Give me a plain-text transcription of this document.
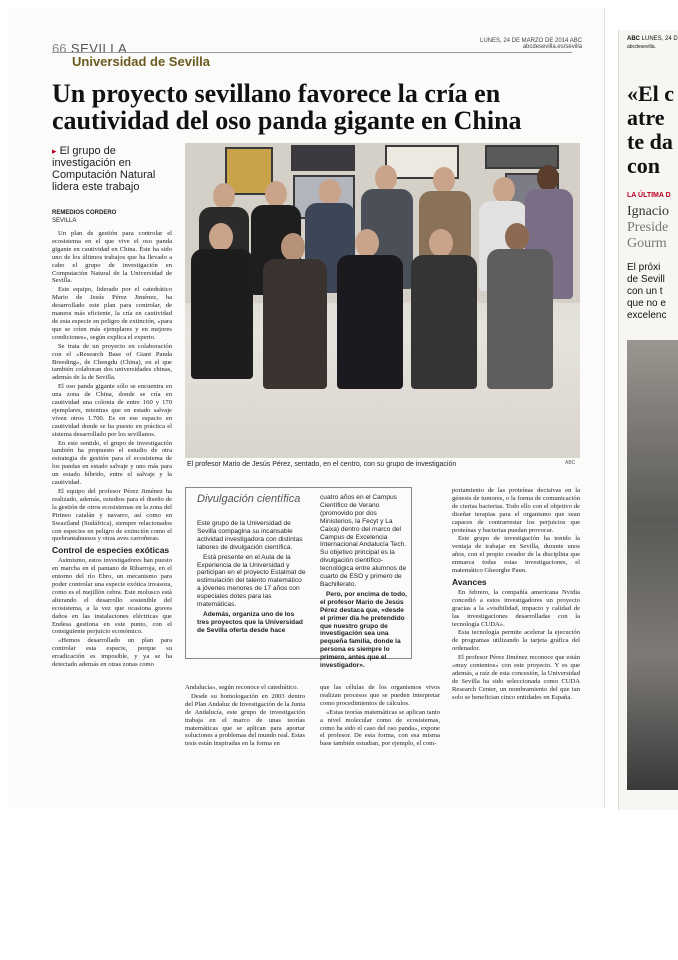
66 SEVILLA
Universidad de Sevilla
LUNES, 24 DE MARZO DE 2014 ABC
abcdesevilla.es/sevilla
Un proyecto sevillano favorece la cría en cautividad del oso panda gigante en China
▸ El grupo de investigación en Computación Natural lidera este trabajo
REMEDIOS CORDERO
SEVILLA
El profesor Mario de Jesús Pérez, sentado, en el centro, con su grupo de investigación	ABC

Un plan de gestión para controlar el ecosistema en el que vive el oso panda gigante en cautividad en China. Éste ha sido uno de los últimos trabajos que ha llevado a cabo el grupo de investigación en Computación Natural de la Universidad de Sevilla.

Este equipo, liderado por el catedrático Mario de Jesús Pérez Jiménez, ha desarrollado este plan para controlar, de manera más eficiente, la cría en cautividad de esta especie en peligro de extinción, «para que se críen más ejemplares y en mejores condiciones», según explica el experto.

Se trata de un proyecto en colaboración con el «Research Base of Giant Panda Breeding», de Chengdu (China), en el que también colaboran dos universidades chinas, además de la de Sevilla.

El oso panda gigante sólo se encuentra en una zona de China, donde se cría en cautividad una colonia de entre 160 y 170 ejemplares, mientras que en estado salvaje viven otros 1.700. Es en ese espacio en cautividad donde se ha puesto en práctica el sistema desarrollado por los sevillanos.

En este sentido, el grupo de investigación también ha propuesto el estudio de otra estrategia de gestión para el ecosistema de los pandas en estado salvaje y uno más para un estado híbrido, entre el salvaje y la cautividad.

El equipo del profesor Pérez Jiménez ha realizado, además, estudios para el diseño de la gestión de otros ecosistemas en la zona del Pirineo catalán y navarro, así como en Swaziland (Sudáfrica), siempre relacionados con especies en peligro de extinción como el quebrantahuesos y otras aves carroñeras.

Control de especies exóticas

Asimismo, estos investigadores han puesto en marcha en el pantano de Ribarroja, en el entorno del río Ebro, un mecanismo para poder controlar una especie exótica invasora, como es el mejillón cebra. Este molusco está alterando el desarrollo sostenible del ecosistema, a la vez que ocasiona graves daños en las instalaciones eléctricas que Endesa gestiona en este punto, con el consiguiente perjuicio económico.

«Hemos desarrollado un plan para controlar esta especie, porque su erradicación es imposible, y ya se ha detectado además en otras zonas como

Divulgación científica

Este grupo de la Universidad de Sevilla compagina su incansable actividad investigadora con distintas labores de divulgación científica.

Está presente en el Aula de la Experiencia de la Universidad y participan en el proyecto Estalmat de estimulación del talento matemático a jóvenes menores de 17 años con especiales dotes para las matemáticas.

Además, organiza uno de los tres proyectos que la Universidad de Sevilla oferta desde hace

cuatro años en el Campus Científico de Verano (promovido por dos Ministerios, la Fecyt y La Caixa) dentro del marco del Campus de Excelencia Internacional Andalucía Tech. Su objetivo principal es la divulgación científico-tecnológica entre alumnos de cuarto de ESO y primero de Bachillerato.

Pero, por encima de todo, el profesor Mario de Jesús Pérez destaca que, «desde el primer día he pretendido que nuestro grupo de investigación sea una pequeña familia, donde la persona es siempre lo primero, antes que el investigador».

Andalucía», según reconoce el catedrático.

Desde su homologación en 2003 dentro del Plan Andaluz de Investigación de la Junta de Andalucía, este grupo de investigación trabaja en el marco de unas teorías matemáticas que se aplican para aportar soluciones a problemas del mundo real. Estas tesis están inspiradas en la forma en

que las células de los organismos vivos realizan procesos que se pueden interpretar como procedimientos de cálculos.

«Estas teorías matemáticas se aplican tanto a nivel molecular como de ecosistemas, como ha sido el caso del oso panda», expone el profesor. De esta forma, con esa misma base también estudian, por ejemplo, el com-

portamiento de las proteínas decisivas en la génesis de tumores, o la forma de comunicación de ciertas bacterias. Todo ello con el objetivo de diseñar terapias para el organismo que sean capaces de contrarrestar los perjuicios que proteínas y bacterias puedan provocar.

Este grupo de investigación ha tenido la ventaja de trabajar en Sevilla, durante unos años, con el propio creador de la disciplina que enmarca todas estas investigaciones, el matemático Gheorghe Paun.

Avances

En febrero, la compañía americana Nvidia concedió a estos investigadores un proyecto gracias a la «visibilidad, impacto y calidad de las investigaciones desarrolladas con la tecnología CUDA».

Esta tecnología permite acelerar la ejecución de programas utilizando la tarjeta gráfica del ordenador.

El profesor Pérez Jiménez reconoce que están «muy contentos» con este proyecto. Y es que además, a raíz de esta concesión, la Universidad de Sevilla ha sido seleccionada como CUDA Research Center, un nombramiento del que tan solo se benefician cinco entidades en España.

ABC LUNES, 24 D
abcdesevilla.
«El c
atre
te da
con
LA ÚLTIMA D
Ignacio
Preside
Gourm
El próxi
de Sevill
con un t
que no e
excelenc
